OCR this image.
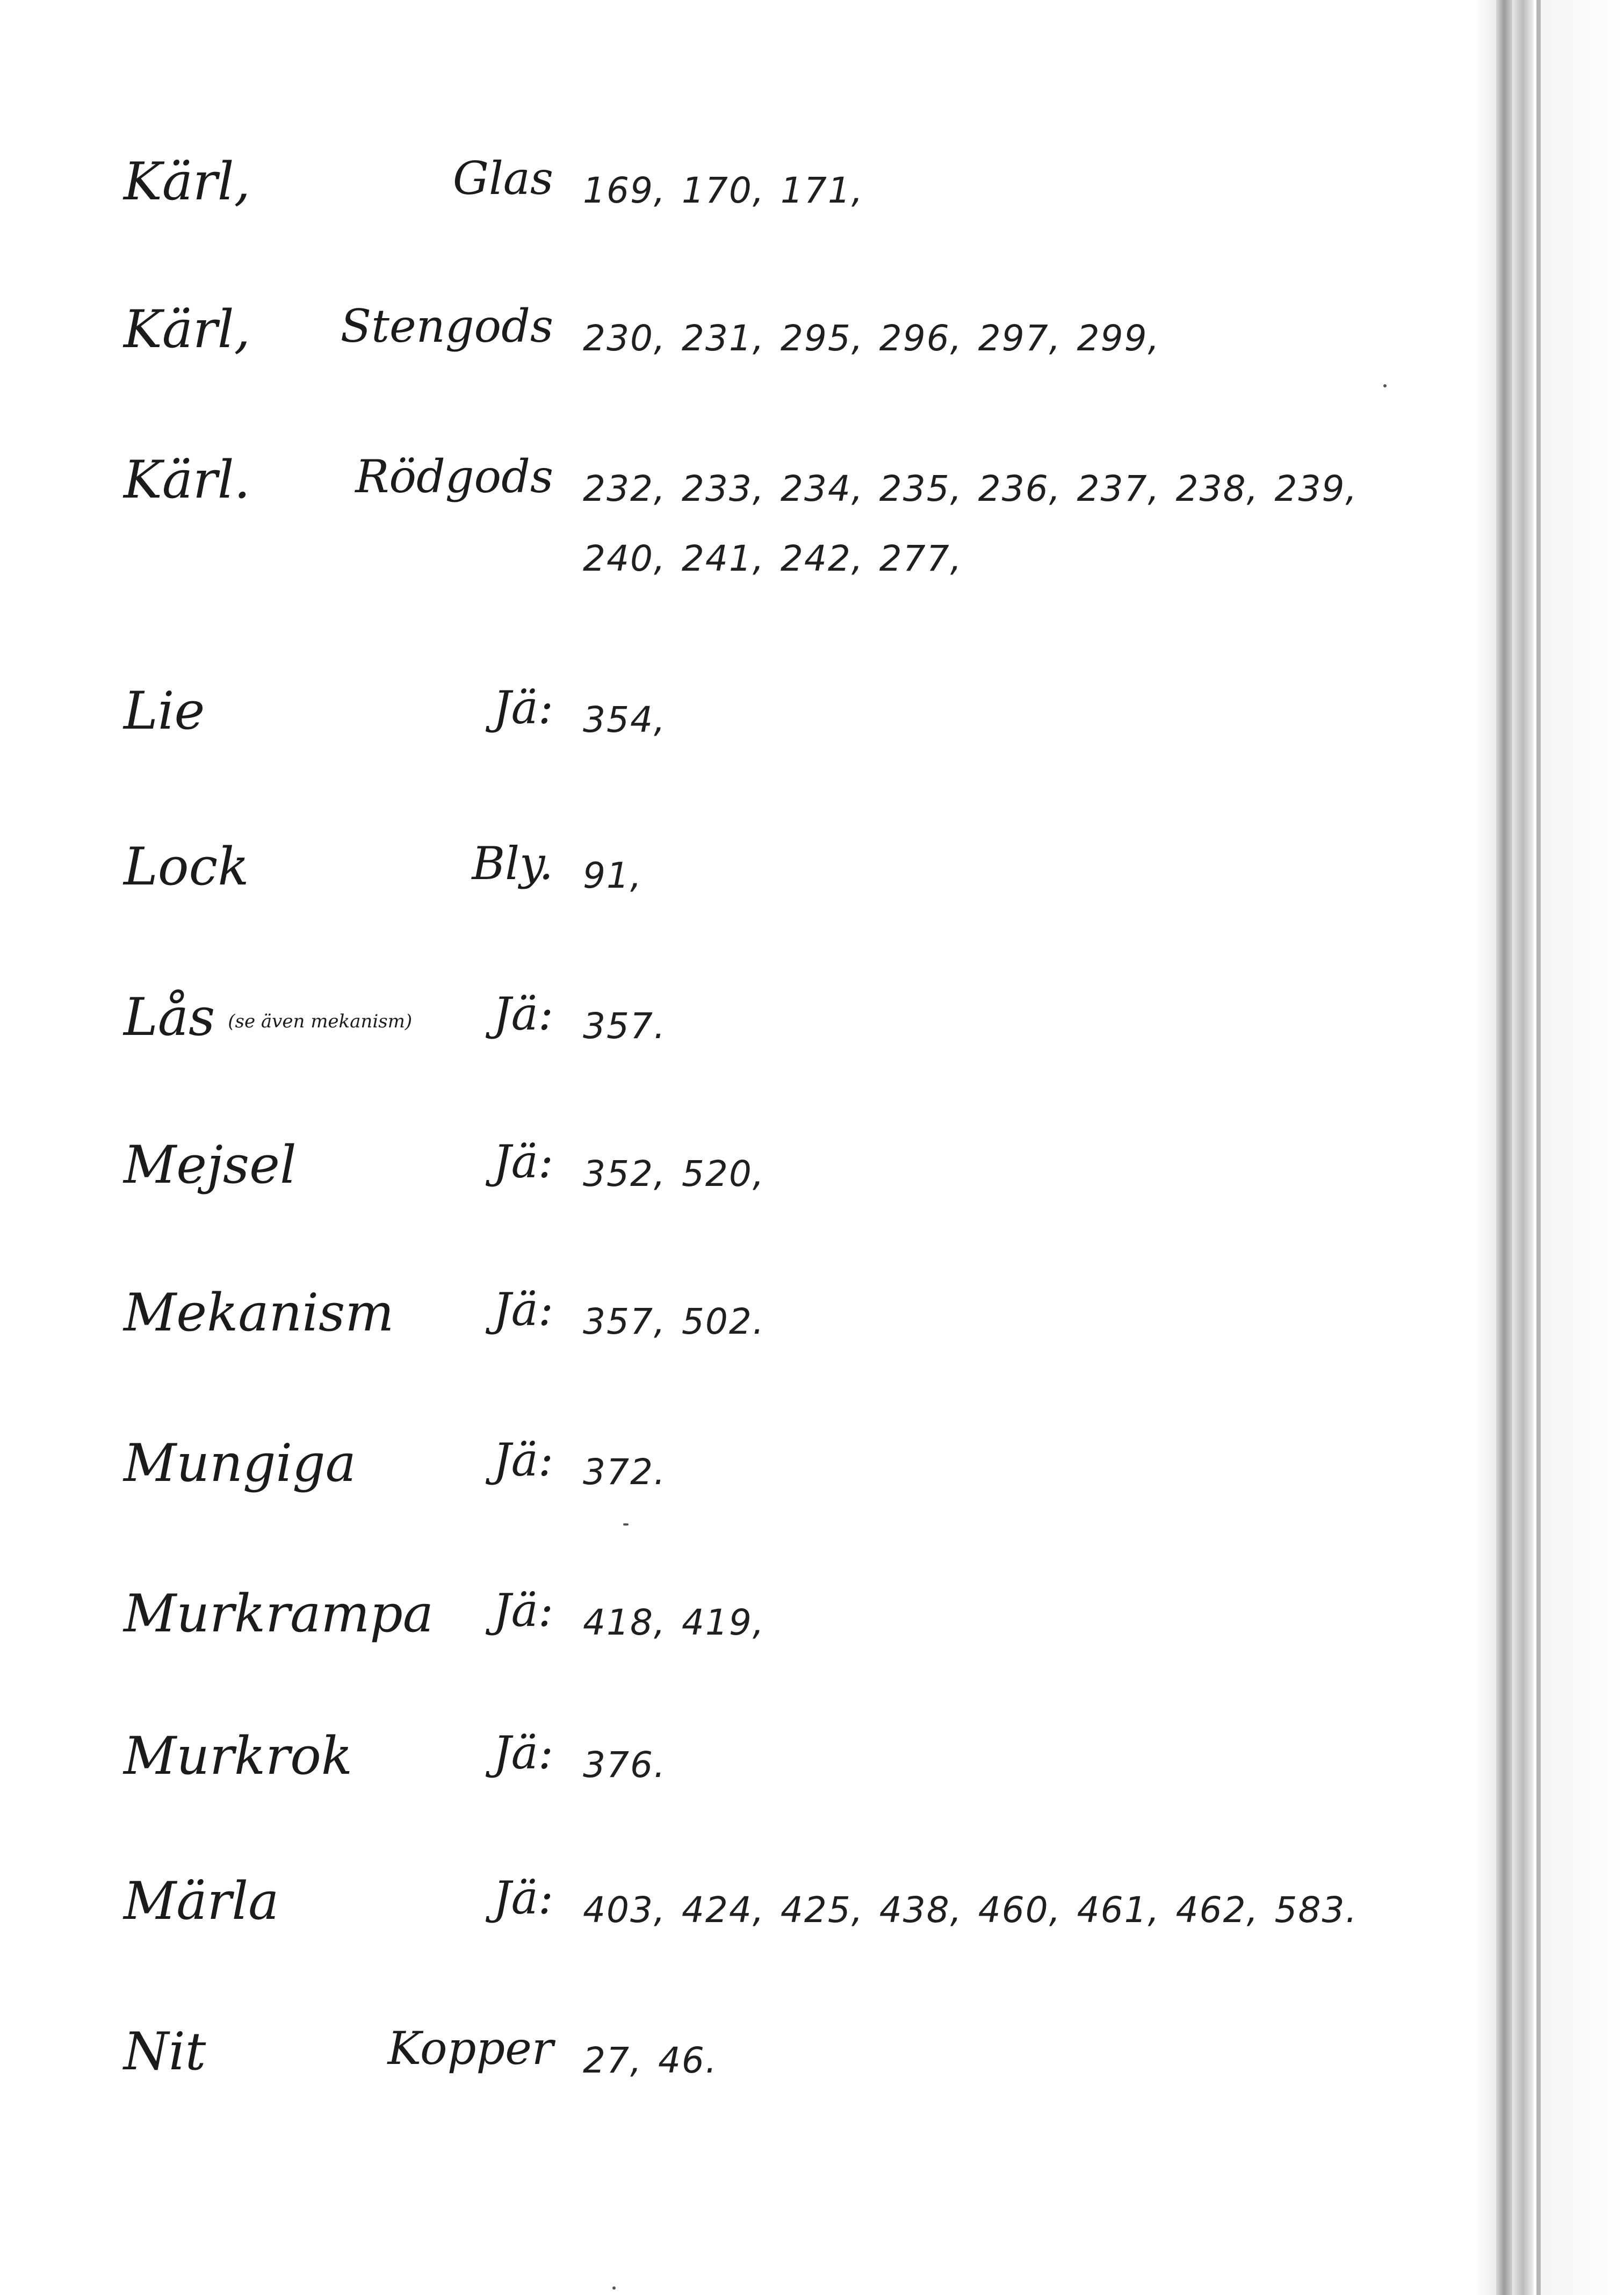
Kärl,	Glas 169, 170, 171,
Kärl, Stengods 230, 231, 295, 296, 297, 299,
Kärl. Rödgods 232, 233, 234, 235, 236, 237, 238, 239, 240, 241, 242, 277,
Lie	Jä: 354,
Lock	Bly. 91,
Lås (se även mekanism) Jä: 357.
Mejsel	Jä: 352, 520,
Mekanism Jä: 357, 502.
Mungiga	Jä: 372.
Murkrampa Jä: 418, 419,
Murkrok	Jä: 376.
Märla	Jä: 403, 424, 425, 438, 460, 461, 462, 583.
Nit	Kopper 27, 46.
